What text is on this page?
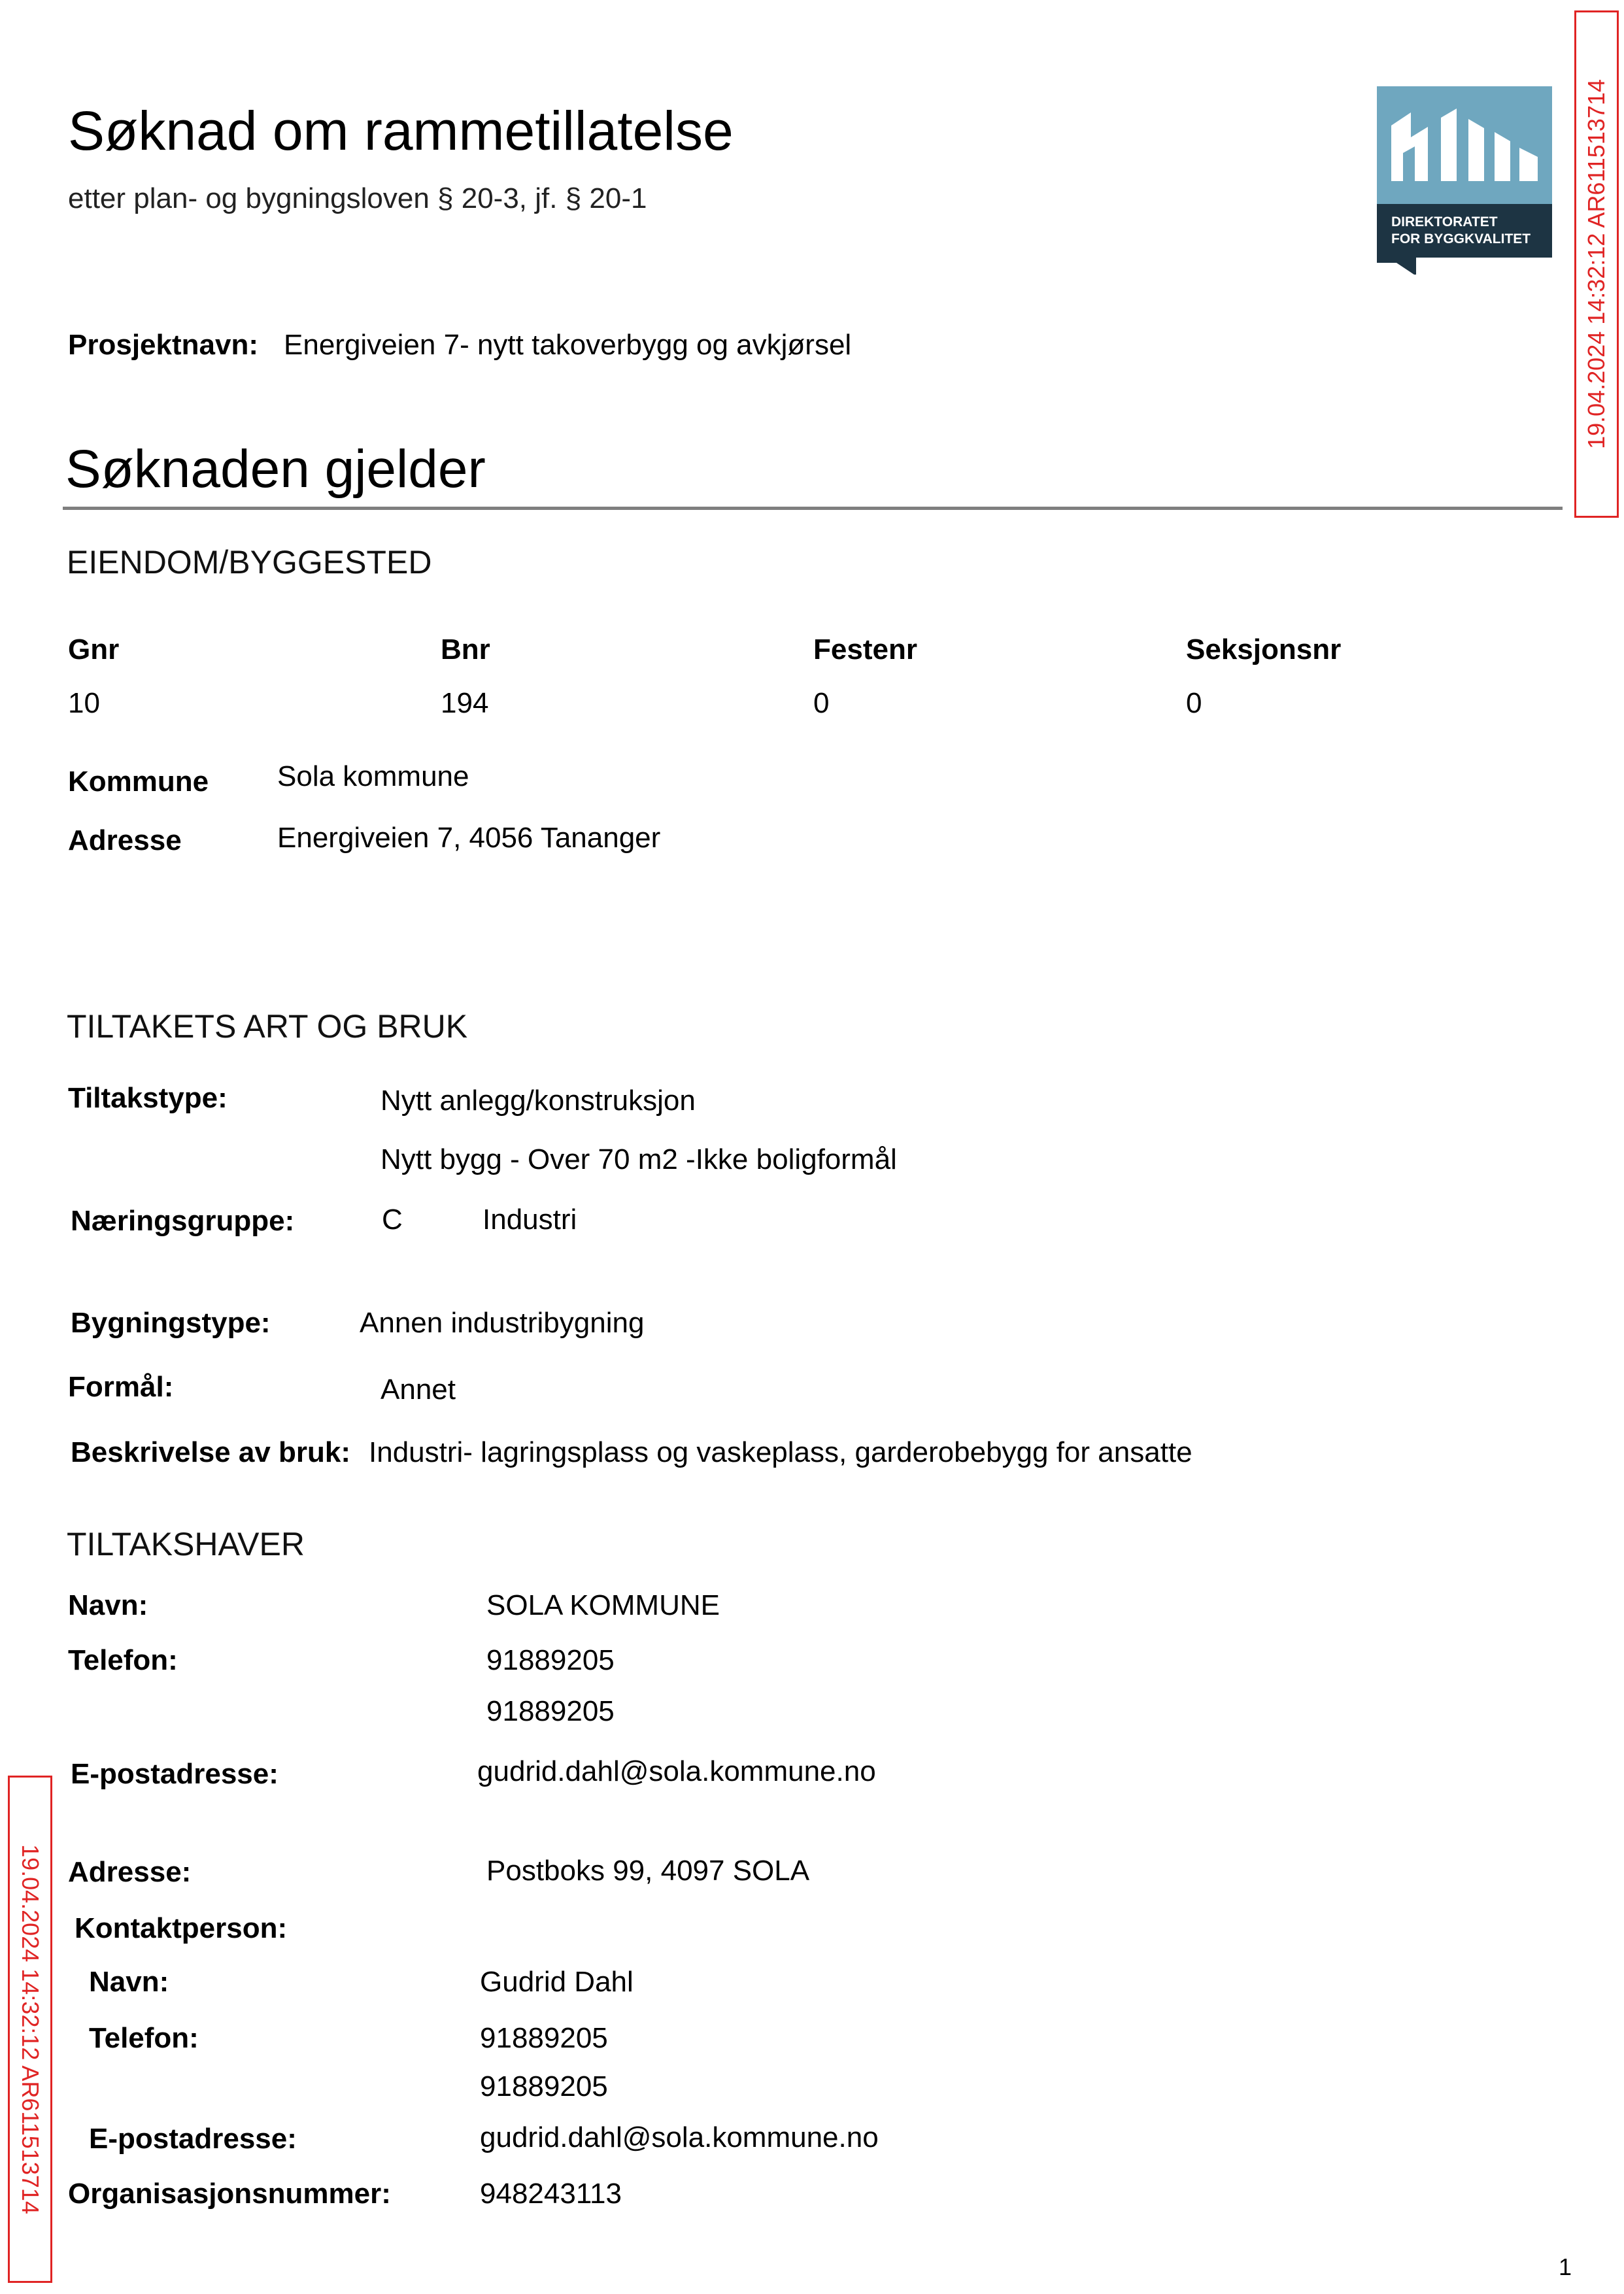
Søknad om rammetillatelse
etter plan- og bygningsloven § 20-3, jf. § 20-1
DIREKTORATET
FOR BYGGKVALITET 19.04.2024 14:32:12 AR611513714
19.04.2024 14:32:12 AR611513714
Prosjektnavn: Energiveien 7- nytt takoverbygg og avkjørsel
Søknaden gjelder
EIENDOM/BYGGESTED
Gnr	Bnr	Festenr	Seksjonsnr
10	194	0	0
Kommune Sola kommune
Adresse	Energiveien 7, 4056 Tananger
TILTAKETS ART OG BRUK
Tiltakstype:	Nytt anlegg/konstruksjon
Nytt bygg - Over 70 m2 -Ikke boligformål
Næringsgruppe:	C	Industri
Bygningstype:	Annen industribygning
Formål:	Annet
Beskrivelse av bruk: Industri- lagringsplass og vaskeplass, garderobebygg for ansatte
TILTAKSHAVER
Navn:	SOLA KOMMUNE
Telefon:	91889205
91889205
E-postadresse:	gudrid.dahl@sola.kommune.no
Adresse:	Postboks 99, 4097 SOLA
Kontaktperson:
Navn:	Gudrid Dahl
Telefon:	91889205
91889205
E-postadresse:	gudrid.dahl@sola.kommune.no
Organisasjonsnummer:	948243113
1
